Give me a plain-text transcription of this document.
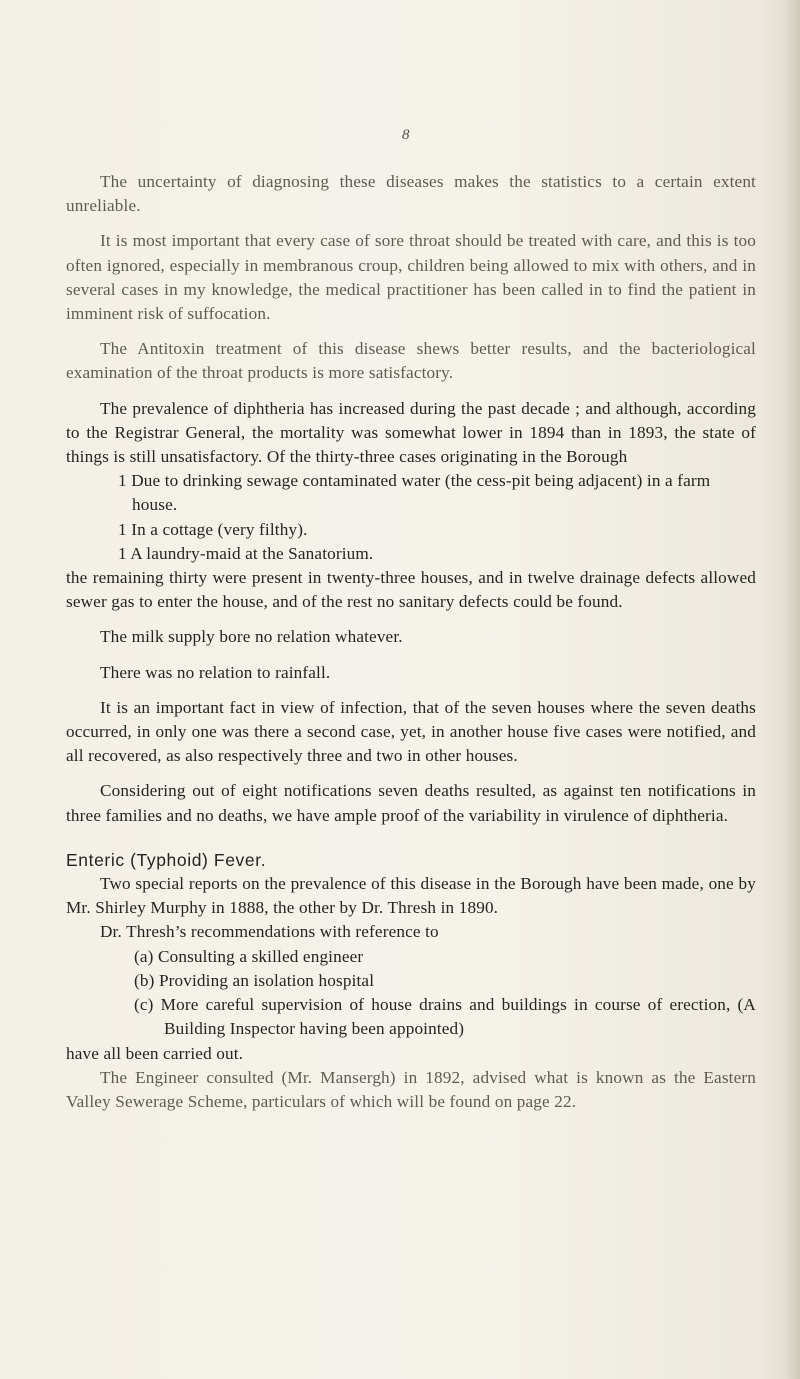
8

The uncertainty of diagnosing these diseases makes the statistics to a certain extent unreliable.

It is most important that every case of sore throat should be treated with care, and this is too often ignored, especially in membranous croup, children being allowed to mix with others, and in several cases in my knowledge, the medical practitioner has been called in to find the patient in imminent risk of suffocation.

The Antitoxin treatment of this disease shews better results, and the bacteriological examination of the throat products is more satisfactory.

The prevalence of diphtheria has increased during the past decade ; and although, according to the Registrar General, the mortality was somewhat lower in 1894 than in 1893, the state of things is still unsatisfactory. Of the thirty-three cases originating in the Borough

1 Due to drinking sewage contaminated water (the cess-pit being adjacent) in a farm house.

1 In a cottage (very filthy).

1 A laundry-maid at the Sanatorium.

the remaining thirty were present in twenty-three houses, and in twelve drainage defects allowed sewer gas to enter the house, and of the rest no sanitary defects could be found.

The milk supply bore no relation whatever.

There was no relation to rainfall.

It is an important fact in view of infection, that of the seven houses where the seven deaths occurred, in only one was there a second case, yet, in another house five cases were notified, and all recovered, as also respectively three and two in other houses.

Considering out of eight notifications seven deaths resulted, as against ten notifications in three families and no deaths, we have ample proof of the variability in virulence of diphtheria.

Enteric (Typhoid) Fever.

Two special reports on the prevalence of this disease in the Borough have been made, one by Mr. Shirley Murphy in 1888, the other by Dr. Thresh in 1890.

Dr. Thresh’s recommendations with reference to

(a) Consulting a skilled engineer

(b) Providing an isolation hospital

(c) More careful supervision of house drains and buildings in course of erection, (A Building Inspector having been appointed)

have all been carried out.

The Engineer consulted (Mr. Mansergh) in 1892, advised what is known as the Eastern Valley Sewerage Scheme, particulars of which will be found on page 22.
